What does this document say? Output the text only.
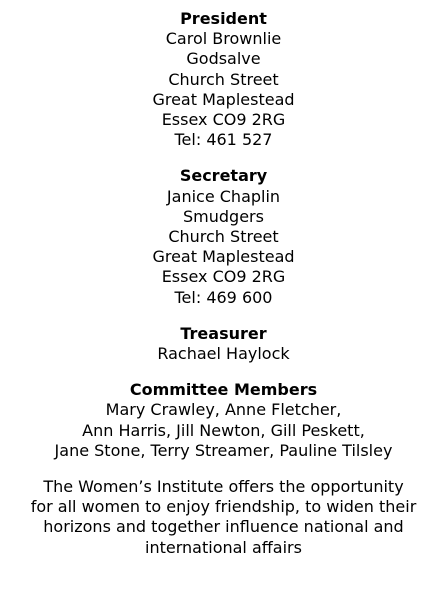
President
Carol Brownlie
Godsalve
Church Street
Great Maplestead
Essex CO9 2RG
Tel: 461 527
Secretary
Janice Chaplin
Smudgers
Church Street
Great Maplestead
Essex CO9 2RG
Tel: 469 600
Treasurer
Rachael Haylock
Committee Members
Mary Crawley, Anne Fletcher,
Ann Harris, Jill Newton, Gill Peskett,
Jane Stone, Terry Streamer, Pauline Tilsley
The Women’s Institute offers the opportunity
for all women to enjoy friendship, to widen their
horizons and together influence national and
international affairs
